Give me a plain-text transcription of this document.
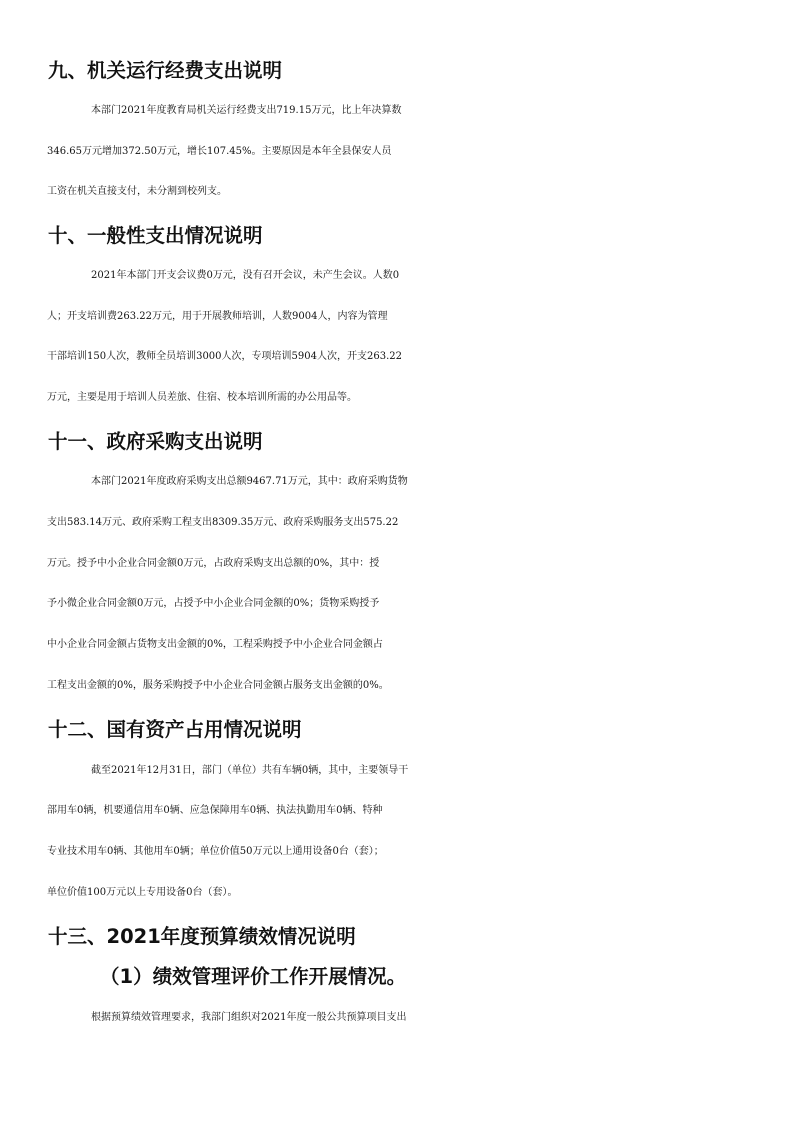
九、机关运行经费支出说明
本部门2021年度教育局机关运行经费支出719.15万元，比上年决算数
346.65万元增加372.50万元，增长107.45%。主要原因是本年全县保安人员
工资在机关直接支付，未分割到校列支。
十、一般性支出情况说明
2021年本部门开支会议费0万元，没有召开会议，未产生会议。人数0
人；开支培训费263.22万元，用于开展教师培训，人数9004人，内容为管理
干部培训150人次，教师全员培训3000人次，专项培训5904人次，开支263.22
万元，主要是用于培训人员差旅、住宿、校本培训所需的办公用品等。
十一、政府采购支出说明
本部门2021年度政府采购支出总额9467.71万元，其中：政府采购货物
支出583.14万元、政府采购工程支出8309.35万元、政府采购服务支出575.22
万元。授予中小企业合同金额0万元，占政府采购支出总额的0%，其中：授
予小微企业合同金额0万元，占授予中小企业合同金额的0%；货物采购授予
中小企业合同金额占货物支出金额的0%，工程采购授予中小企业合同金额占
工程支出金额的0%，服务采购授予中小企业合同金额占服务支出金额的0%。
十二、国有资产占用情况说明
截至2021年12月31日，部门（单位）共有车辆0辆，其中，主要领导干
部用车0辆，机要通信用车0辆、应急保障用车0辆、执法执勤用车0辆、特种
专业技术用车0辆、其他用车0辆；单位价值50万元以上通用设备0台（套）；
单位价值100万元以上专用设备0台（套）。
十三、2021年度预算绩效情况说明
（1）绩效管理评价工作开展情况。
根据预算绩效管理要求，我部门组织对2021年度一般公共预算项目支出
